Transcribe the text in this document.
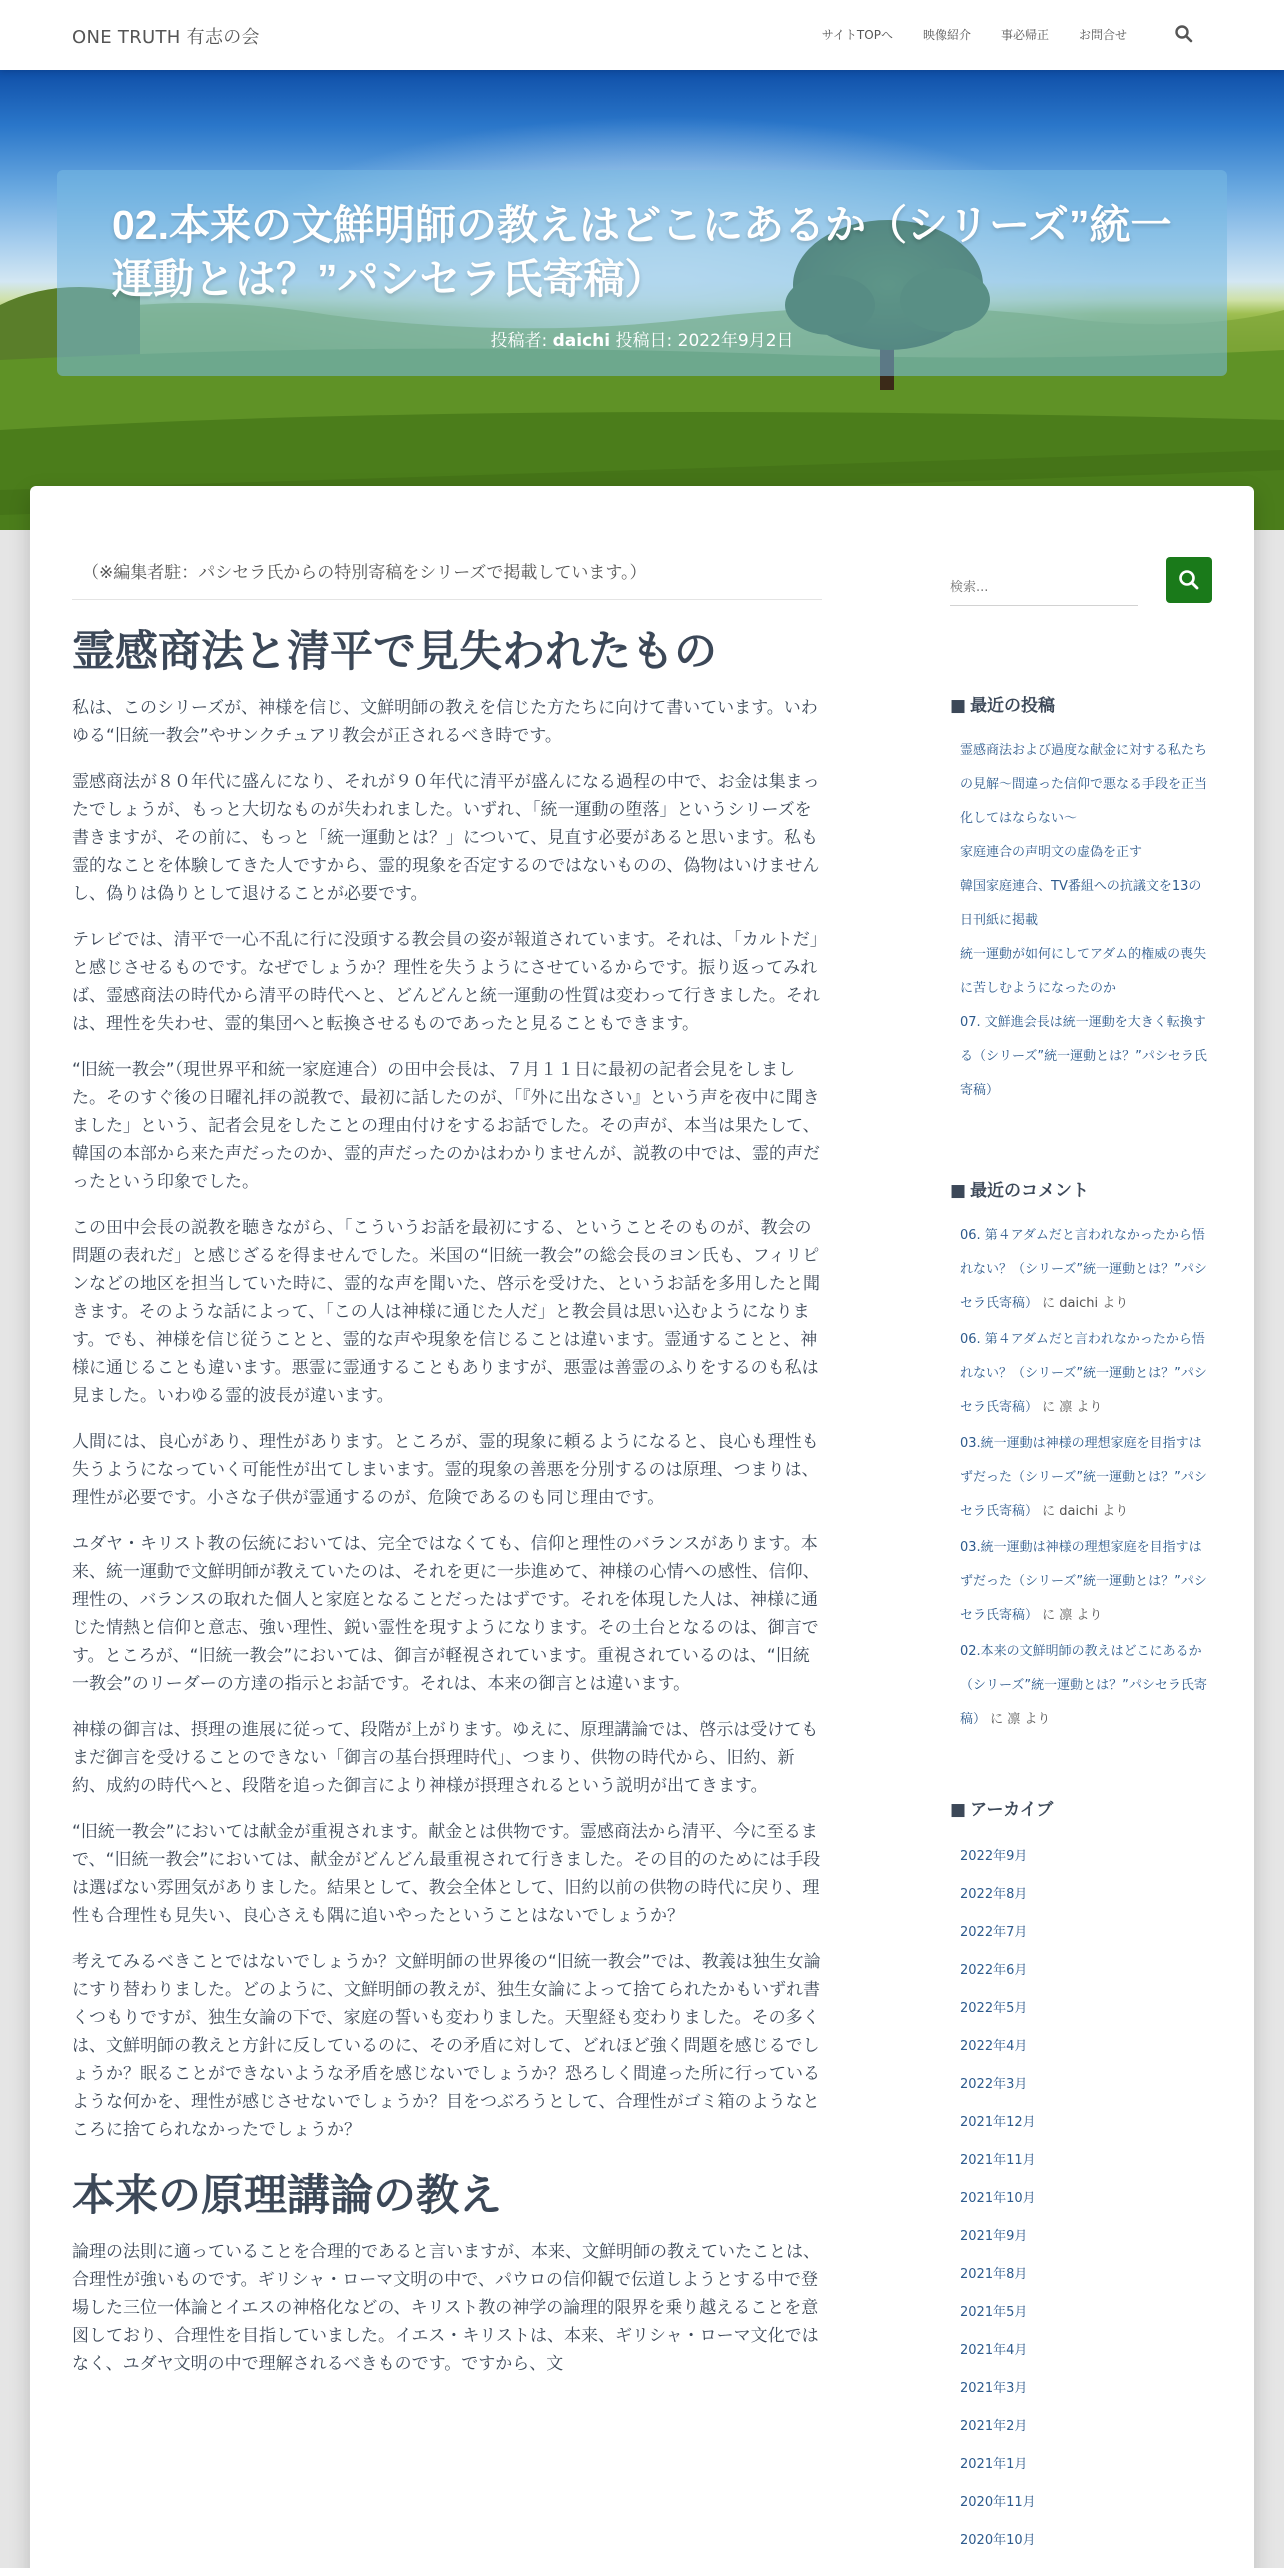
ONE TRUTH 有志の会	サイトTOPへ	映像紹介	事必帰正	お問合せ
02.本来の文鮮明師の教えはどこにあるか（シリーズ”統一運動とは？”パシセラ氏寄稿）
投稿者: daichi 投稿日: 2022年9月2日
（※編集者駐：パシセラ氏からの特別寄稿をシリーズで掲載しています。）
霊感商法と清平で見失われたもの

私は、このシリーズが、神様を信じ、文鮮明師の教えを信じた方たちに向けて書いています。いわゆる“旧統一教会”やサンクチュアリ教会が正されるべき時です。

霊感商法が８０年代に盛んになり、それが９０年代に清平が盛んになる過程の中で、お金は集まったでしょうが、もっと大切なものが失われました。いずれ、「統一運動の堕落」というシリーズを書きますが、その前に、もっと「統一運動とは？」について、見直す必要があると思います。私も霊的なことを体験してきた人ですから、霊的現象を否定するのではないものの、偽物はいけませんし、偽りは偽りとして退けることが必要です。

テレビでは、清平で一心不乱に行に没頭する教会員の姿が報道されています。それは、「カルトだ」と感じさせるものです。なぜでしょうか？理性を失うようにさせているからです。振り返ってみれば、霊感商法の時代から清平の時代へと、どんどんと統一運動の性質は変わって行きました。それは、理性を失わせ、霊的集団へと転換させるものであったと見ることもできます。

“旧統一教会”（現世界平和統一家庭連合）の田中会長は、７月１１日に最初の記者会見をしました。そのすぐ後の日曜礼拝の説教で、最初に話したのが、「『外に出なさい』という声を夜中に聞きました」という、記者会見をしたことの理由付けをするお話でした。その声が、本当は果たして、韓国の本部から来た声だったのか、霊的声だったのかはわかりませんが、説教の中では、霊的声だったという印象でした。

この田中会長の説教を聴きながら、「こういうお話を最初にする、ということそのものが、教会の問題の表れだ」と感じざるを得ませんでした。米国の“旧統一教会”の総会長のヨン氏も、フィリピンなどの地区を担当していた時に、霊的な声を聞いた、啓示を受けた、というお話を多用したと聞きます。そのような話によって、「この人は神様に通じた人だ」と教会員は思い込むようになります。でも、神様を信じ従うことと、霊的な声や現象を信じることは違います。霊通することと、神様に通じることも違います。悪霊に霊通することもありますが、悪霊は善霊のふりをするのも私は見ました。いわゆる霊的波長が違います。

人間には、良心があり、理性があります。ところが、霊的現象に頼るようになると、良心も理性も失うようになっていく可能性が出てしまいます。霊的現象の善悪を分別するのは原理、つまりは、理性が必要です。小さな子供が霊通するのが、危険であるのも同じ理由です。

ユダヤ・キリスト教の伝統においては、完全ではなくても、信仰と理性のバランスがあります。本来、統一運動で文鮮明師が教えていたのは、それを更に一歩進めて、神様の心情への感性、信仰、理性の、バランスの取れた個人と家庭となることだったはずです。それを体現した人は、神様に通じた情熱と信仰と意志、強い理性、鋭い霊性を現すようになります。その土台となるのは、御言です。ところが、“旧統一教会”においては、御言が軽視されています。重視されているのは、“旧統一教会”のリーダーの方達の指示とお話です。それは、本来の御言とは違います。

神様の御言は、摂理の進展に従って、段階が上がります。ゆえに、原理講論では、啓示は受けてもまだ御言を受けることのできない「御言の基台摂理時代」、つまり、供物の時代から、旧約、新約、成約の時代へと、段階を追った御言により神様が摂理されるという説明が出てきます。

“旧統一教会”においては献金が重視されます。献金とは供物です。霊感商法から清平、今に至るまで、“旧統一教会”においては、献金がどんどん最重視されて行きました。その目的のためには手段は選ばない雰囲気がありました。結果として、教会全体として、旧約以前の供物の時代に戻り、理性も合理性も見失い、良心さえも隅に追いやったということはないでしょうか？

考えてみるべきことではないでしょうか？文鮮明師の世界後の“旧統一教会”では、教義は独生女論にすり替わりました。どのように、文鮮明師の教えが、独生女論によって捨てられたかもいずれ書くつもりですが、独生女論の下で、家庭の誓いも変わりました。天聖経も変わりました。その多くは、文鮮明師の教えと方針に反しているのに、その矛盾に対して、どれほど強く問題を感じるでしょうか？眠ることができないような矛盾を感じないでしょうか？恐ろしく間違った所に行っているような何かを、理性が感じさせないでしょうか？目をつぶろうとして、合理性がゴミ箱のようなところに捨てられなかったでしょうか？

本来の原理講論の教え

論理の法則に適っていることを合理的であると言いますが、本来、文鮮明師の教えていたことは、合理性が強いものです。ギリシャ・ローマ文明の中で、パウロの信仰観で伝道しようとする中で登場した三位一体論とイエスの神格化などの、キリスト教の神学の論理的限界を乗り越えることを意図しており、合理性を目指していました。イエス・キリストは、本来、ギリシャ・ローマ文化ではなく、ユダヤ文明の中で理解されるべきものです。ですから、文

検索...
■ 最近の投稿
霊感商法および過度な献金に対する私たちの見解～間違った信仰で悪なる手段を正当化してはならない～
家庭連合の声明文の虚偽を正す
韓国家庭連合、TV番組への抗議文を13の日刊紙に掲載
統一運動が如何にしてアダム的権威の喪失に苦しむようになったのか
07. 文鮮進会長は統一運動を大きく転換する（シリーズ”統一運動とは？”パシセラ氏寄稿）
■ 最近のコメント
06. 第４アダムだと言われなかったから悟れない？（シリーズ”統一運動とは？”パシセラ氏寄稿） に daichi より
06. 第４アダムだと言われなかったから悟れない？（シリーズ”統一運動とは？”パシセラ氏寄稿） に 凛 より
03.統一運動は神様の理想家庭を目指すはずだった（シリーズ”統一運動とは？”パシセラ氏寄稿） に daichi より
03.統一運動は神様の理想家庭を目指すはずだった（シリーズ”統一運動とは？”パシセラ氏寄稿） に 凛 より
02.本来の文鮮明師の教えはどこにあるか（シリーズ”統一運動とは？”パシセラ氏寄稿） に 凛 より
■ アーカイブ
2022年9月
2022年8月
2022年7月
2022年6月
2022年5月
2022年4月
2022年3月
2021年12月
2021年11月
2021年10月
2021年9月
2021年8月
2021年5月
2021年4月
2021年3月
2021年2月
2021年1月
2020年11月
2020年10月
